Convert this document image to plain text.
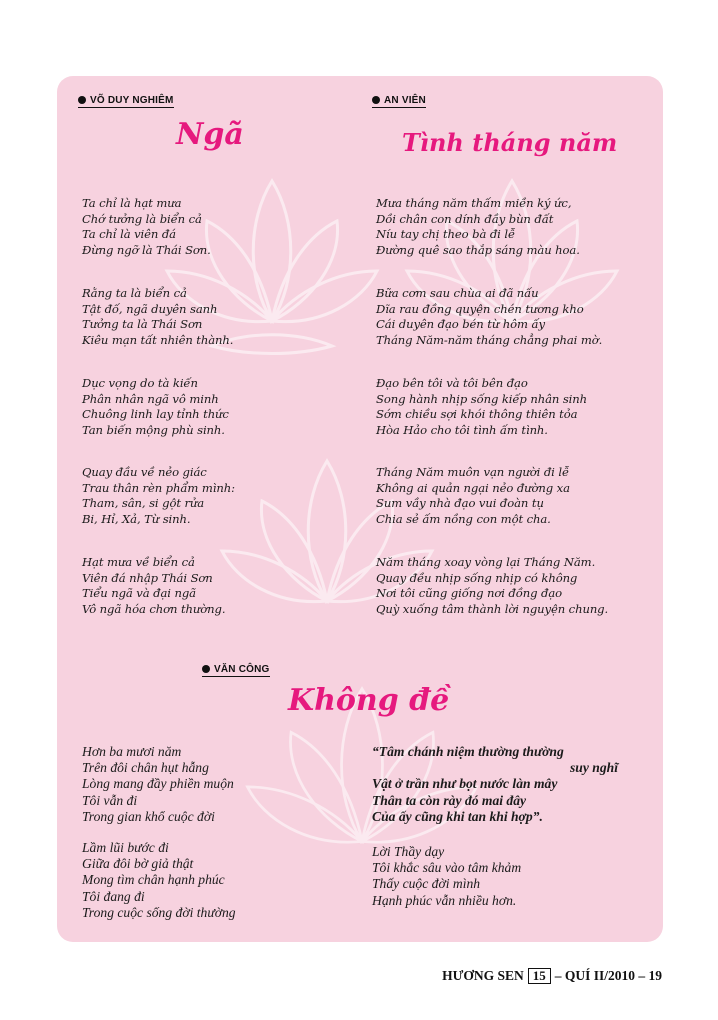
VÕ DUY NGHIÊM
Ngã
Ta chỉ là hạt mưa
Chớ tưởng là biển cả
Ta chỉ là viên đá
Đừng ngỡ là Thái Sơn.
Rằng ta là biển cả
Tật đố, ngã duyên sanh
Tưởng ta là Thái Sơn
Kiêu mạn tất nhiên thành.
Dục vọng do tà kiến
Phân nhân ngã vô minh
Chuông linh lay tỉnh thức
Tan biến mộng phù sinh.
Quay đầu về nẻo giác
Trau thân rèn phẩm mình:
Tham, sân, si gột rửa
Bi, Hỉ, Xả, Từ sinh.
Hạt mưa về biển cả
Viên đá nhập Thái Sơn
Tiểu ngã và đại ngã
Vô ngã hóa chơn thường.
AN VIÊN
Tình tháng năm
Mưa tháng năm thấm miền ký ức,
Dồi chân con dính đầy bùn đất
Níu tay chị theo bà đi lễ
Đường quê sao thắp sáng màu hoa.
Bữa cơm sau chùa ai đã nấu
Dĩa rau đồng quyện chén tương kho
Cái duyên đạo bén từ hôm ấy
Tháng Năm-năm tháng chẳng phai mờ.
Đạo bên tôi và tôi bên đạo
Song hành nhịp sống kiếp nhân sinh
Sớm chiều sợi khói thông thiên tỏa
Hòa Hảo cho tôi tình ấm tình.
Tháng Năm muôn vạn người đi lễ
Không ai quản ngại nẻo đường xa
Sum vầy nhà đạo vui đoàn tụ
Chia sẻ ấm nồng con một cha.
Năm tháng xoay vòng lại Tháng Năm.
Quay đều nhịp sống nhịp có không
Nơi tôi cũng giống nơi đồng đạo
Quỳ xuống tâm thành lời nguyện chung.
VĂN CÔNG
Không đề
Hơn ba mươi năm
Trên đôi chân hụt hẫng
Lòng mang đầy phiền muộn
Tôi vẫn đi
Trong gian khổ cuộc đời
Lầm lũi bước đi
Giữa đôi bờ giả thật
Mong tìm chân hạnh phúc
Tôi đang đi
Trong cuộc sống đời thường
“Tâm chánh niệm thường thường
suy nghĩ
Vật ở trần như bọt nước làn mây
Thân ta còn rày đó mai đây
Của ấy cũng khi tan khi hợp”.
Lời Thầy dạy
Tôi khắc sâu vào tâm khảm
Thấy cuộc đời mình
Hạnh phúc vẫn nhiều hơn.
HƯƠNG SEN 15 – QUÍ II/2010 – 19
